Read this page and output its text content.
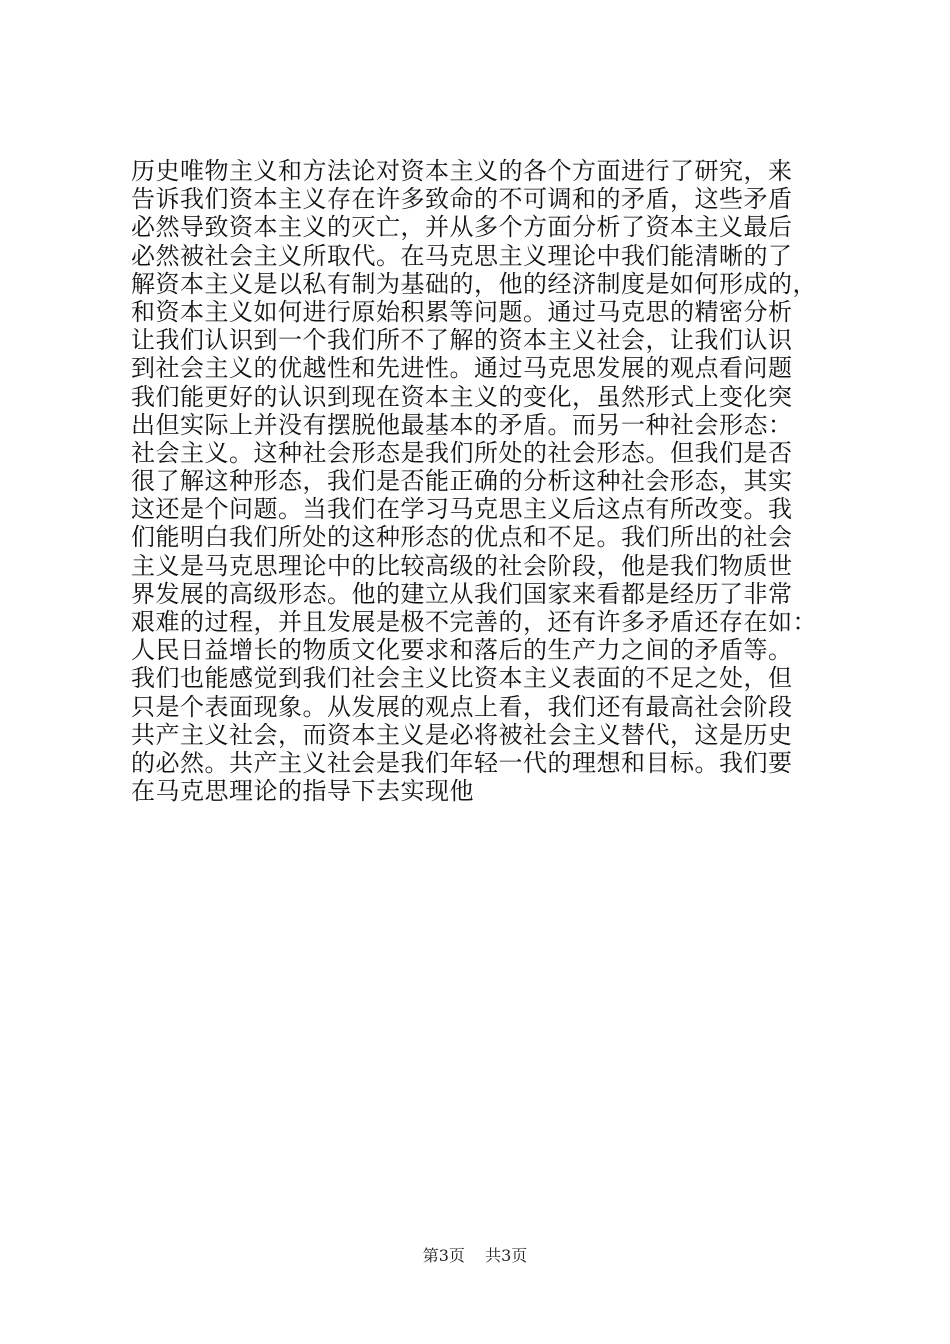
历史唯物主义和方法论对资本主义的各个方面进行了研究，来
告诉我们资本主义存在许多致命的不可调和的矛盾，这些矛盾
必然导致资本主义的灭亡，并从多个方面分析了资本主义最后
必然被社会主义所取代。在马克思主义理论中我们能清晰的了
解资本主义是以私有制为基础的，他的经济制度是如何形成的，
和资本主义如何进行原始积累等问题。通过马克思的精密分析
让我们认识到一个我们所不了解的资本主义社会，让我们认识
到社会主义的优越性和先进性。通过马克思发展的观点看问题
我们能更好的认识到现在资本主义的变化，虽然形式上变化突
出但实际上并没有摆脱他最基本的矛盾。而另一种社会形态：
社会主义。这种社会形态是我们所处的社会形态。但我们是否
很了解这种形态，我们是否能正确的分析这种社会形态，其实
这还是个问题。当我们在学习马克思主义后这点有所改变。我
们能明白我们所处的这种形态的优点和不足。我们所出的社会
主义是马克思理论中的比较高级的社会阶段，他是我们物质世
界发展的高级形态。他的建立从我们国家来看都是经历了非常
艰难的过程，并且发展是极不完善的，还有许多矛盾还存在如：
人民日益增长的物质文化要求和落后的生产力之间的矛盾等。
我们也能感觉到我们社会主义比资本主义表面的不足之处，但
只是个表面现象。从发展的观点上看，我们还有最高社会阶段
共产主义社会，而资本主义是必将被社会主义替代，这是历史
的必然。共产主义社会是我们年轻一代的理想和目标。我们要
在马克思理论的指导下去实现他
第3页 共3页
